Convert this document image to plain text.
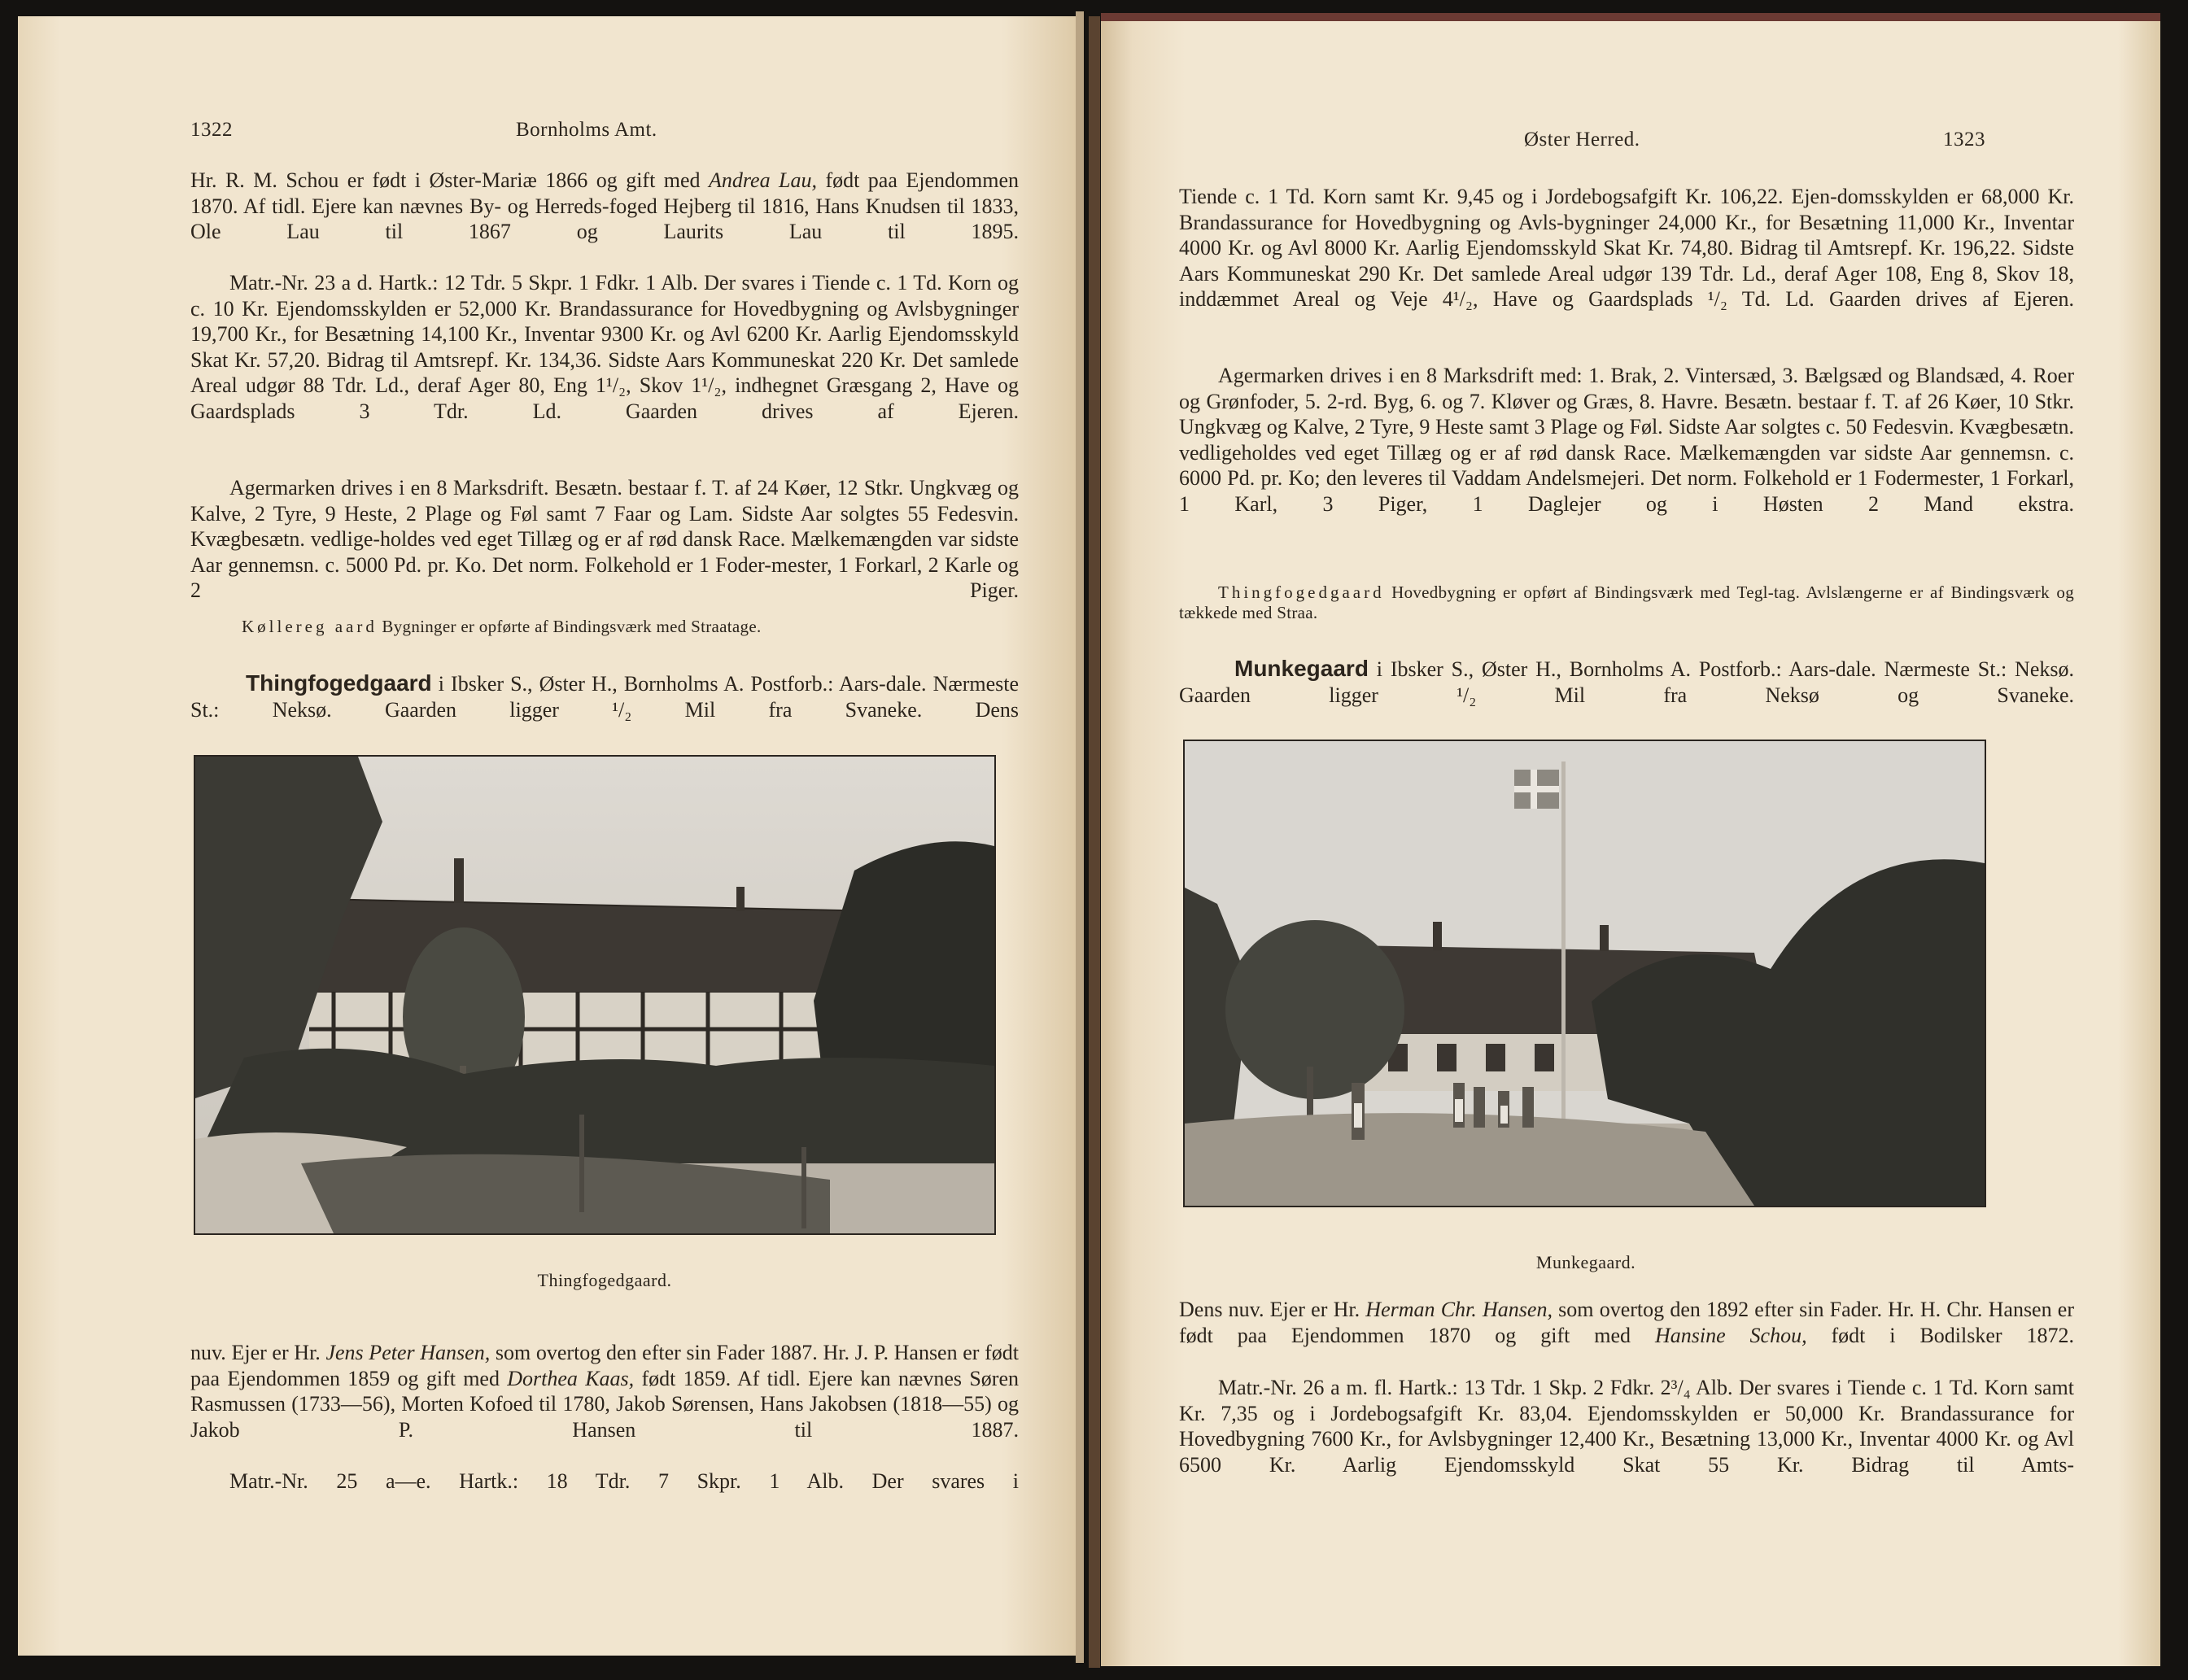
1322	Bornholms Amt.
Hr. R. M. Schou er født i Øster-Mariæ 1866 og gift med Andrea Lau, født paa Ejendommen 1870. Af tidl. Ejere kan nævnes By- og Herreds-foged Hejberg til 1816, Hans Knudsen til 1833, Ole Lau til 1867 og Laurits Lau til 1895.
Matr.-Nr. 23 a d. Hartk.: 12 Tdr. 5 Skpr. 1 Fdkr. 1 Alb. Der svares i Tiende c. 1 Td. Korn og c. 10 Kr. Ejendomsskylden er 52,000 Kr. Brandassurance for Hovedbygning og Avlsbygninger 19,700 Kr., for Besætning 14,100 Kr., Inventar 9300 Kr. og Avl 6200 Kr. Aarlig Ejendomsskyld Skat Kr. 57,20. Bidrag til Amtsrepf. Kr. 134,36. Sidste Aars Kommuneskat 220 Kr. Det samlede Areal udgør 88 Tdr. Ld., deraf Ager 80, Eng 1¹/₂, Skov 1¹/₂, indhegnet Græsgang 2, Have og Gaardsplads 3 Tdr. Ld. Gaarden drives af Ejeren.
Agermarken drives i en 8 Marksdrift. Besætn. bestaar f. T. af 24 Køer, 12 Stkr. Ungkvæg og Kalve, 2 Tyre, 9 Heste, 2 Plage og Føl samt 7 Faar og Lam. Sidste Aar solgtes 55 Fedesvin. Kvægbesætn. vedlige-holdes ved eget Tillæg og er af rød dansk Race. Mælkemængden var sidste Aar gennemsn. c. 5000 Pd. pr. Ko. Det norm. Folkehold er 1 Foder-mester, 1 Forkarl, 2 Karle og 2 Piger.
Køllereg aard Bygninger er opførte af Bindingsværk med Straatage.
Thingfogedgaard i Ibsker S., Øster H., Bornholms A. Postforb.: Aars-dale. Nærmeste St.: Neksø. Gaarden ligger ¹/₂ Mil fra Svaneke. Dens
Thingfogedgaard.
nuv. Ejer er Hr. Jens Peter Hansen, som overtog den efter sin Fader 1887. Hr. J. P. Hansen er født paa Ejendommen 1859 og gift med Dorthea Kaas, født 1859. Af tidl. Ejere kan nævnes Søren Rasmussen (1733—56), Morten Kofoed til 1780, Jakob Sørensen, Hans Jakobsen (1818—55) og Jakob P. Hansen til 1887.
Matr.-Nr. 25 a—e. Hartk.: 18 Tdr. 7 Skpr. 1 Alb. Der svares i
Øster Herred.	1323
Tiende c. 1 Td. Korn samt Kr. 9,45 og i Jordebogsafgift Kr. 106,22. Ejen-domsskylden er 68,000 Kr. Brandassurance for Hovedbygning og Avls-bygninger 24,000 Kr., for Besætning 11,000 Kr., Inventar 4000 Kr. og Avl 8000 Kr. Aarlig Ejendomsskyld Skat Kr. 74,80. Bidrag til Amtsrepf. Kr. 196,22. Sidste Aars Kommuneskat 290 Kr. Det samlede Areal udgør 139 Tdr. Ld., deraf Ager 108, Eng 8, Skov 18, inddæmmet Areal og Veje 4¹/₂, Have og Gaardsplads ¹/₂ Td. Ld. Gaarden drives af Ejeren.
Agermarken drives i en 8 Marksdrift med: 1. Brak, 2. Vintersæd, 3. Bælgsæd og Blandsæd, 4. Roer og Grønfoder, 5. 2-rd. Byg, 6. og 7. Kløver og Græs, 8. Havre. Besætn. bestaar f. T. af 26 Køer, 10 Stkr. Ungkvæg og Kalve, 2 Tyre, 9 Heste samt 3 Plage og Føl. Sidste Aar solgtes c. 50 Fedesvin. Kvægbesætn. vedligeholdes ved eget Tillæg og er af rød dansk Race. Mælkemængden var sidste Aar gennemsn. c. 6000 Pd. pr. Ko; den leveres til Vaddam Andelsmejeri. Det norm. Folkehold er 1 Fodermester, 1 Forkarl, 1 Karl, 3 Piger, 1 Daglejer og i Høsten 2 Mand ekstra.
Thingfogedgaard Hovedbygning er opført af Bindingsværk med Tegl-tag. Avlslængerne er af Bindingsværk og tækkede med Straa.
Munkegaard i Ibsker S., Øster H., Bornholms A. Postforb.: Aars-dale. Nærmeste St.: Neksø. Gaarden ligger ¹/₂ Mil fra Neksø og Svaneke.
Munkegaard.
Dens nuv. Ejer er Hr. Herman Chr. Hansen, som overtog den 1892 efter sin Fader. Hr. H. Chr. Hansen er født paa Ejendommen 1870 og gift med Hansine Schou, født i Bodilsker 1872.
Matr.-Nr. 26 a m. fl. Hartk.: 13 Tdr. 1 Skp. 2 Fdkr. 2³/₄ Alb. Der svares i Tiende c. 1 Td. Korn samt Kr. 7,35 og i Jordebogsafgift Kr. 83,04. Ejendomsskylden er 50,000 Kr. Brandassurance for Hovedbygning 7600 Kr., for Avlsbygninger 12,400 Kr., Besætning 13,000 Kr., Inventar 4000 Kr. og Avl 6500 Kr. Aarlig Ejendomsskyld Skat 55 Kr. Bidrag til Amts-
